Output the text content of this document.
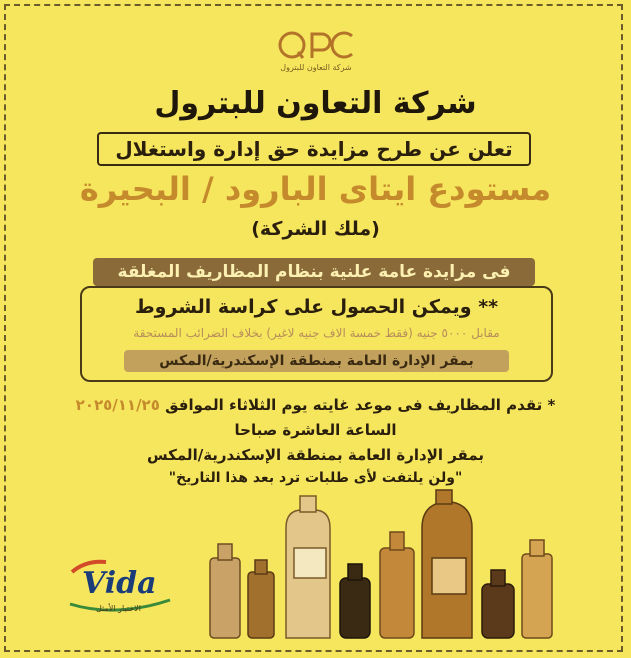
شركة التعاون للبترول
شركة التعاون للبترول
تعلن عن طرح مزايدة حق إدارة واستغلال
مستودع ايتاى البارود / البحيرة
(ملك الشركة)
فى مزايدة عامة علنية بنظام المظاريف المغلقة
** ويمكن الحصول على كراسة الشروط
مقابل ٥٠٠٠ جنيه (فقط خمسة الاف جنيه لاغير) بخلاف الضرائب المستحقة
بمقر الإدارة العامة بمنطقة الإسكندرية/المكس
* تقدم المظاريف فى موعد غايته يوم الثلاثاء الموافق ٢٠٢٥/١١/٢٥
الساعة العاشرة صباحا
بمقر الإدارة العامة بمنطقة الإسكندرية/المكس
"ولن يلتفت لأى طلبات ترد بعد هذا التاريخ"
Vida
الاختيار الأمثل
